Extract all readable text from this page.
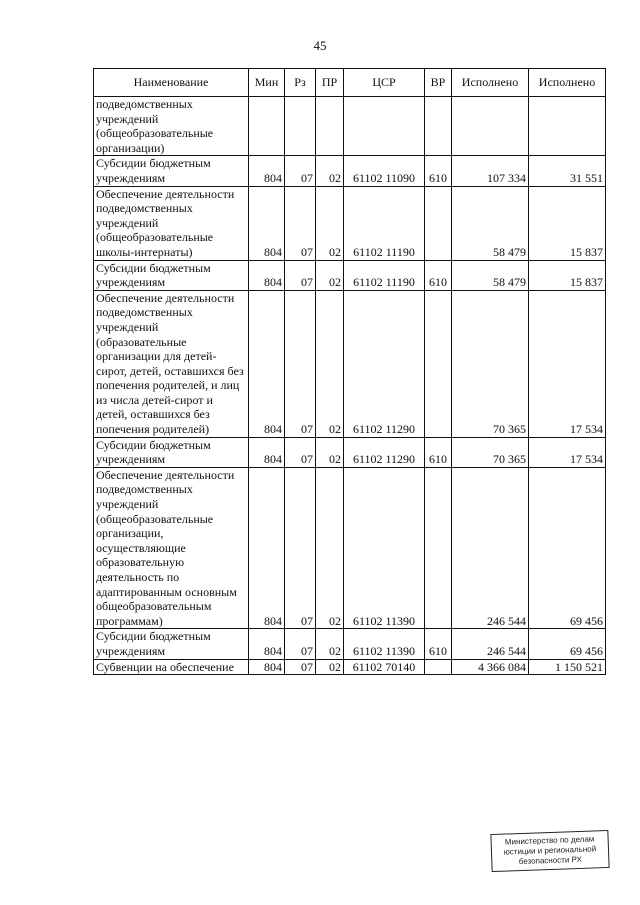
45
Наименование	Мин	Рз	ПР	ЦСР	ВР	Исполнено	Исполнено
подведомственных учреждений (общеобразовательные организации)							
Субсидии бюджетным учреждениям	804	07	02	61102 11090	610	107 334	31 551
Обеспечение деятельности подведомственных учреждений (общеобразовательные школы-интернаты)	804	07	02	61102 11190		58 479	15 837
Субсидии бюджетным учреждениям	804	07	02	61102 11190	610	58 479	15 837
Обеспечение деятельности подведомственных учреждений (образовательные организации для детей-сирот, детей, оставшихся без попечения родителей, и лиц из числа детей-сирот и детей, оставшихся без попечения родителей)	804	07	02	61102 11290		70 365	17 534
Субсидии бюджетным учреждениям	804	07	02	61102 11290	610	70 365	17 534
Обеспечение деятельности подведомственных учреждений (общеобразовательные организации, осуществляющие образовательную деятельность по адаптированным основным общеобразовательным программам)	804	07	02	61102 11390		246 544	69 456
Субсидии бюджетным учреждениям	804	07	02	61102 11390	610	246 544	69 456
Субвенции на обеспечение	804	07	02	61102 70140		4 366 084	1 150 521
Министерство по делам
юстиции и региональной
безопасности РХ
